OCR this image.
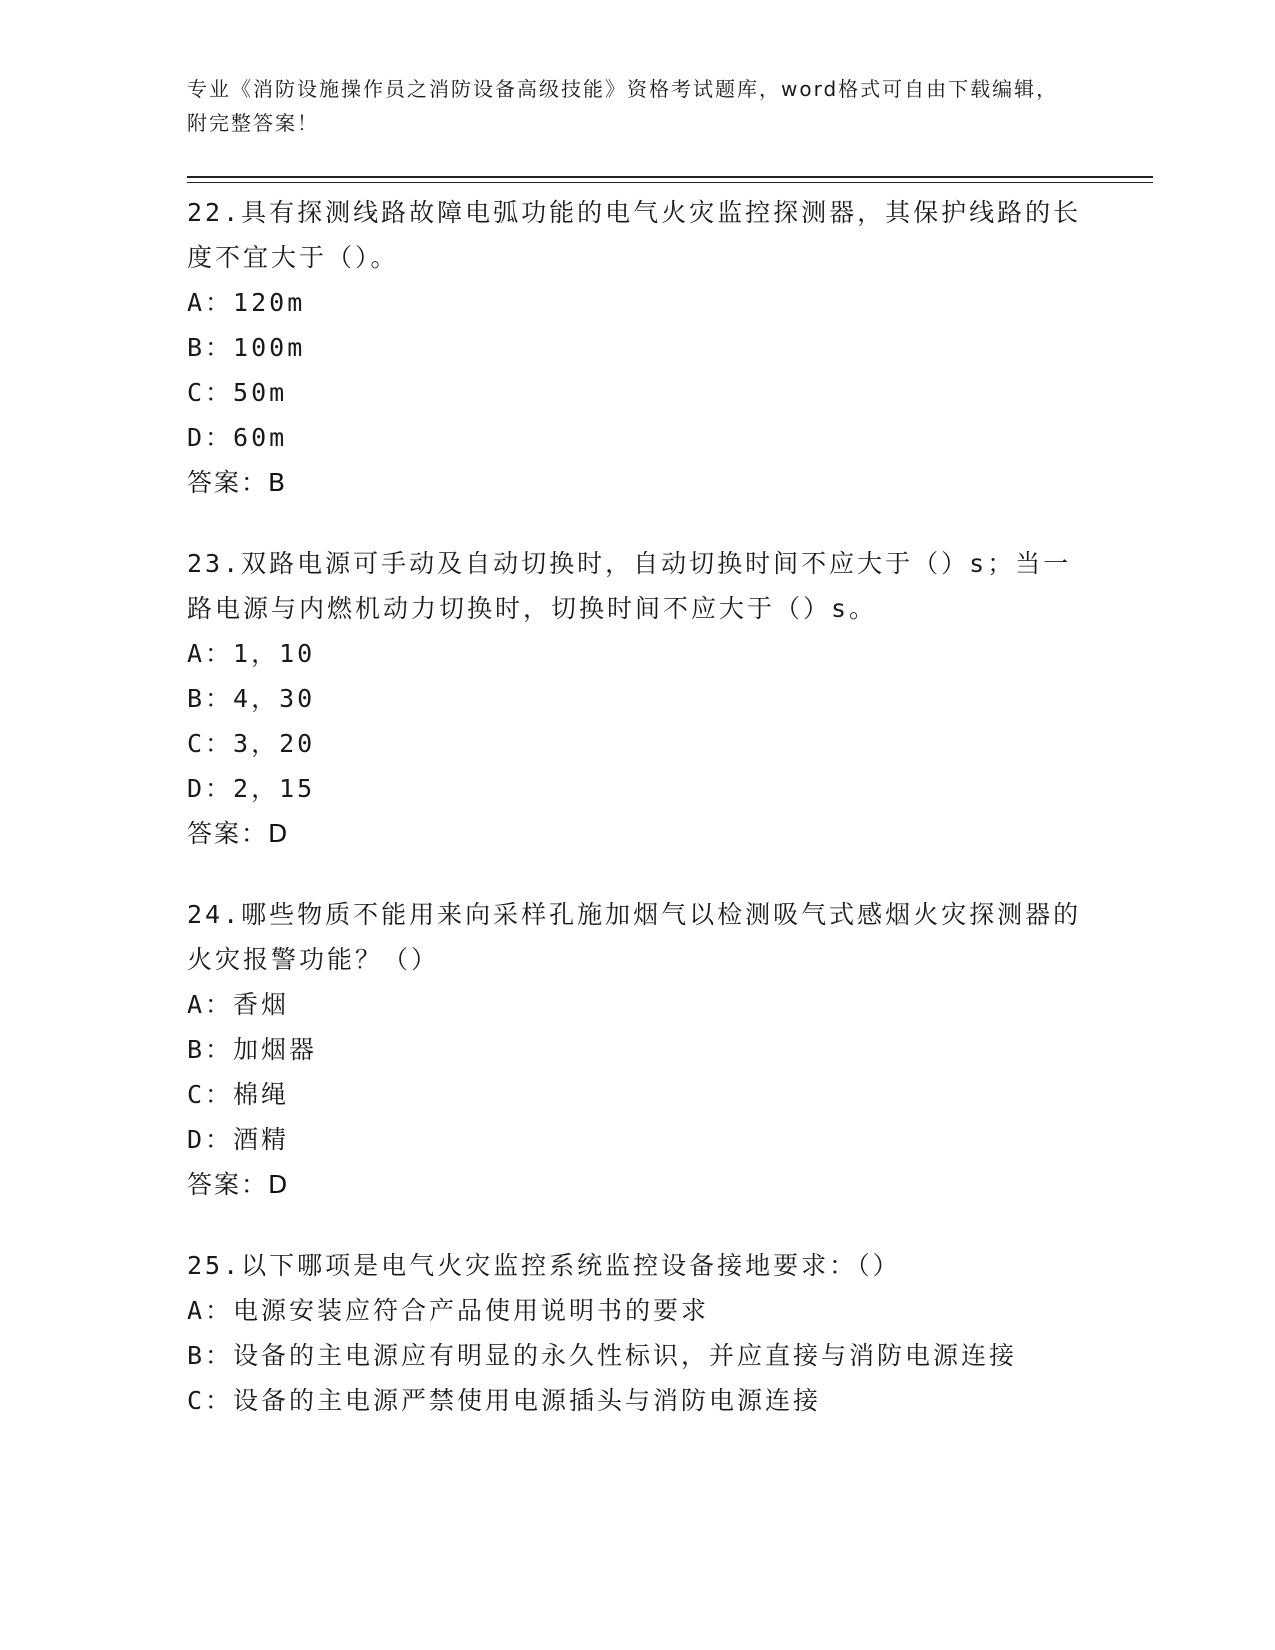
专业《消防设施操作员之消防设备高级技能》资格考试题库，word格式可自由下载编辑，附完整答案！

22.具有探测线路故障电弧功能的电气火灾监控探测器，其保护线路的长度不宜大于（）。

A：120m

B：100m

C：50m

D：60m

答案：B

23.双路电源可手动及自动切换时，自动切换时间不应大于（）s；当一路电源与内燃机动力切换时，切换时间不应大于（）s。

A：1，10

B：4，30

C：3，20

D：2，15

答案：D

24.哪些物质不能用来向采样孔施加烟气以检测吸气式感烟火灾探测器的火灾报警功能？（）

A：香烟

B：加烟器

C：棉绳

D：酒精

答案：D

25.以下哪项是电气火灾监控系统监控设备接地要求：（）

A：电源安装应符合产品使用说明书的要求

B：设备的主电源应有明显的永久性标识，并应直接与消防电源连接

C：设备的主电源严禁使用电源插头与消防电源连接
